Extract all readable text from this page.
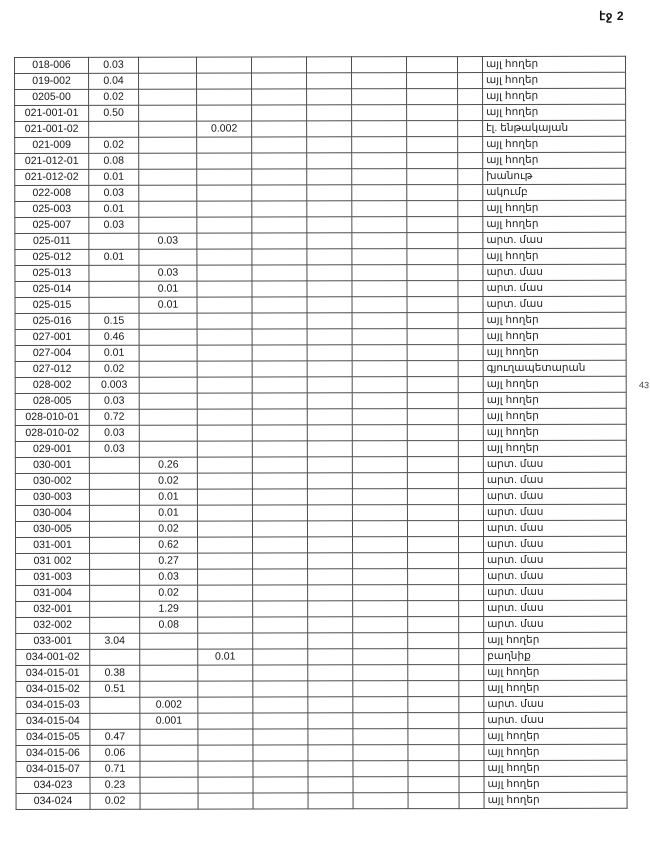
էջ 2
43
018-006	0.03								այլ հողեր
019-002	0.04								այլ հողեր
0205-00	0.02								այլ հողեր
021-001-01	0.50								այլ հողեր
021-001-02			0.002						էլ. ենթակայան
021-009	0.02								այլ հողեր
021-012-01	0.08								այլ հողեր
021-012-02	0.01								խանութ
022-008	0.03								ակումբ
025-003	0.01								այլ հողեր
025-007	0.03								այլ հողեր
025-011		0.03							արտ. մաս
025-012	0.01								այլ հողեր
025-013		0.03							արտ. մաս
025-014		0.01							արտ. մաս
025-015		0.01							արտ. մաս
025-016	0.15								այլ հողեր
027-001	0.46								այլ հողեր
027-004	0.01								այլ հողեր
027-012	0.02								գյուղապետարան
028-002	0.003								այլ հողեր
028-005	0.03								այլ հողեր
028-010-01	0.72								այլ հողեր
028-010-02	0.03								այլ հողեր
029-001	0.03								այլ հողեր
030-001		0.26							արտ. մաս
030-002		0.02							արտ. մաս
030-003		0.01							արտ. մաս
030-004		0.01							արտ. մաս
030-005		0.02							արտ. մաս
031-001		0.62							արտ. մաս
031 002		0.27							արտ. մաս
031-003		0.03							արտ. մաս
031-004		0.02							արտ. մաս
032-001		1.29							արտ. մաս
032-002		0.08							արտ. մաս
033-001	3.04								այլ հողեր
034-001-02			0.01						բաղնիք
034-015-01	0.38								այլ հողեր
034-015-02	0.51								այլ հողեր
034-015-03		0.002							արտ. մաս
034-015-04		0.001							արտ. մաս
034-015-05	0.47								այլ հողեր
034-015-06	0.06								այլ հողեր
034-015-07	0.71								այլ հողեր
034-023	0.23								այլ հողեր
034-024	0.02								այլ հողեր
